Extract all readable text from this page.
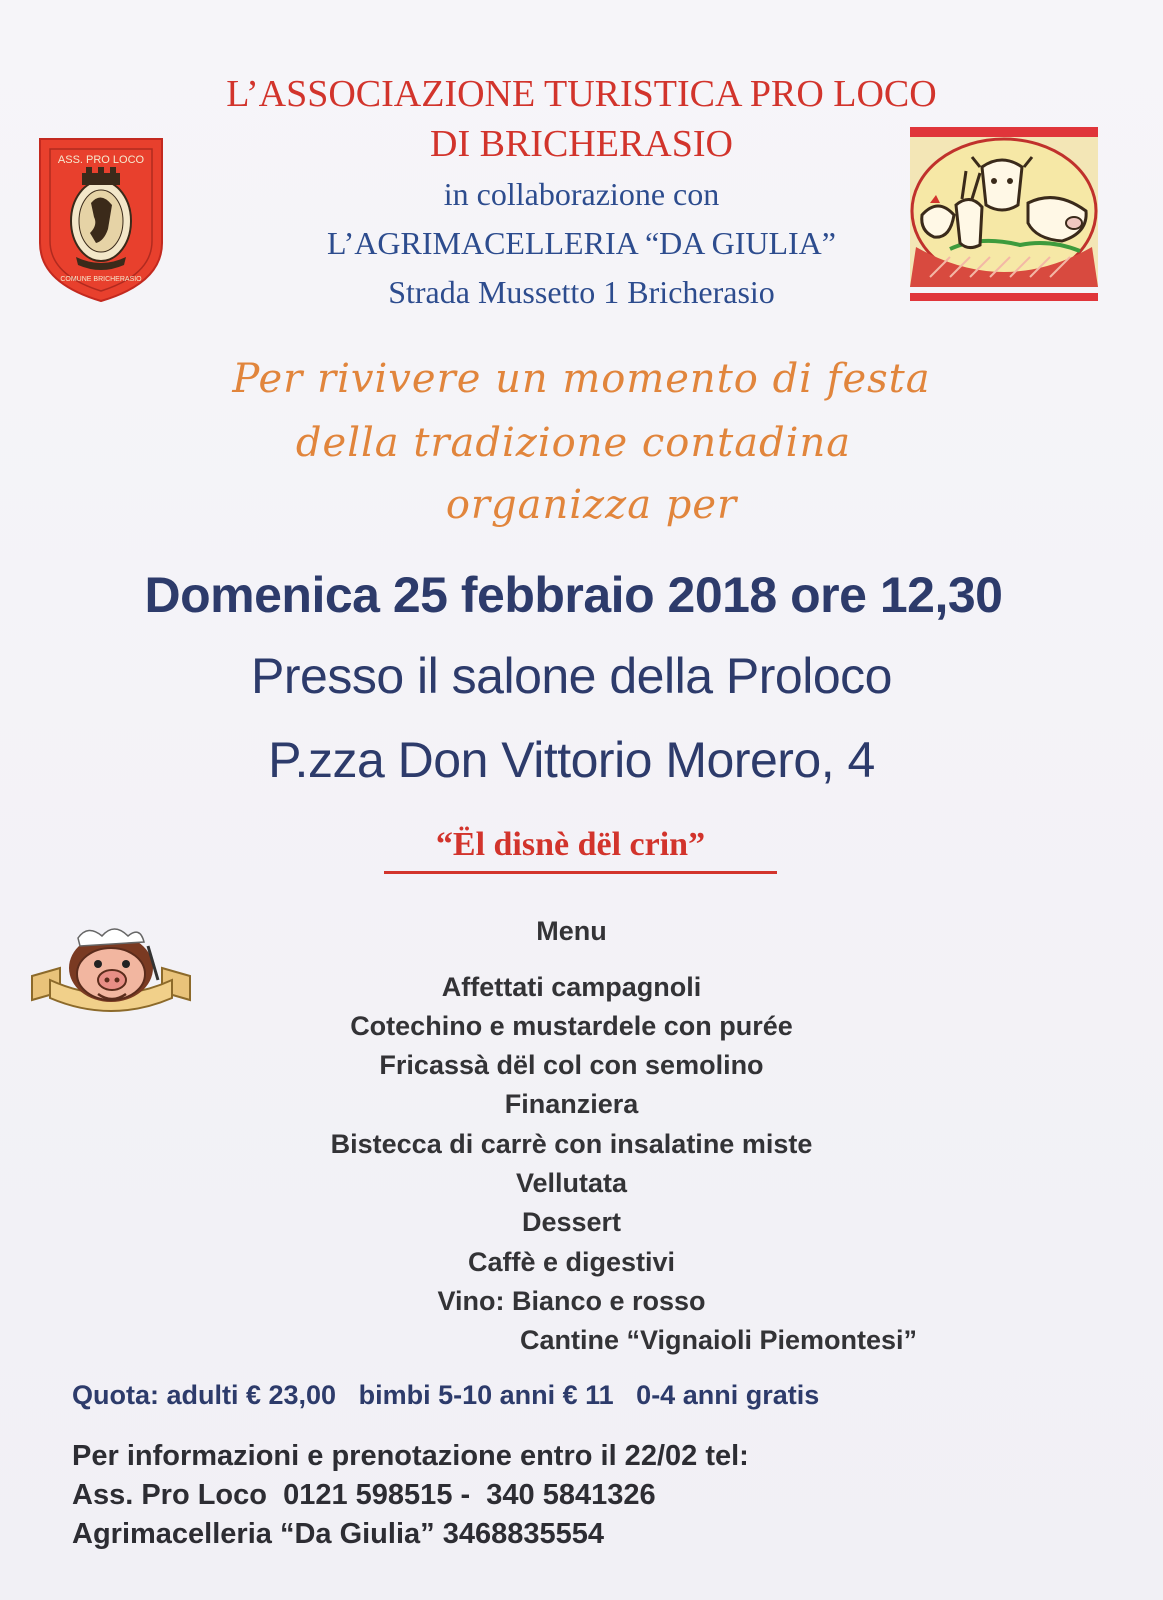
L’ASSOCIAZIONE TURISTICA PRO LOCO
DI BRICHERASIO
in collaborazione con
L’AGRIMACELLERIA “DA GIULIA”
Strada Mussetto 1 Bricherasio
ASS. PRO LOCO
COMUNE BRICHERASIO
Per rivivere un momento di festa
della tradizione contadina
organizza per
Domenica 25 febbraio 2018 ore 12,30
Presso il salone della Proloco
P.zza Don Vittorio Morero, 4
“Ël disnè dël crin”
Menu
Affettati campagnoli
Cotechino e mustardele con purée
Fricassà dël col con semolino
Finanziera
Bistecca di carrè con insalatine miste
Vellutata
Dessert
Caffè e digestivi
Vino: Bianco e rosso
Cantine “Vignaioli Piemontesi”
Quota: adulti € 23,00   bimbi 5-10 anni € 11   0-4 anni gratis
Per informazioni e prenotazione entro il 22/02 tel:
Ass. Pro Loco  0121 598515 -  340 5841326
Agrimacelleria “Da Giulia” 3468835554
